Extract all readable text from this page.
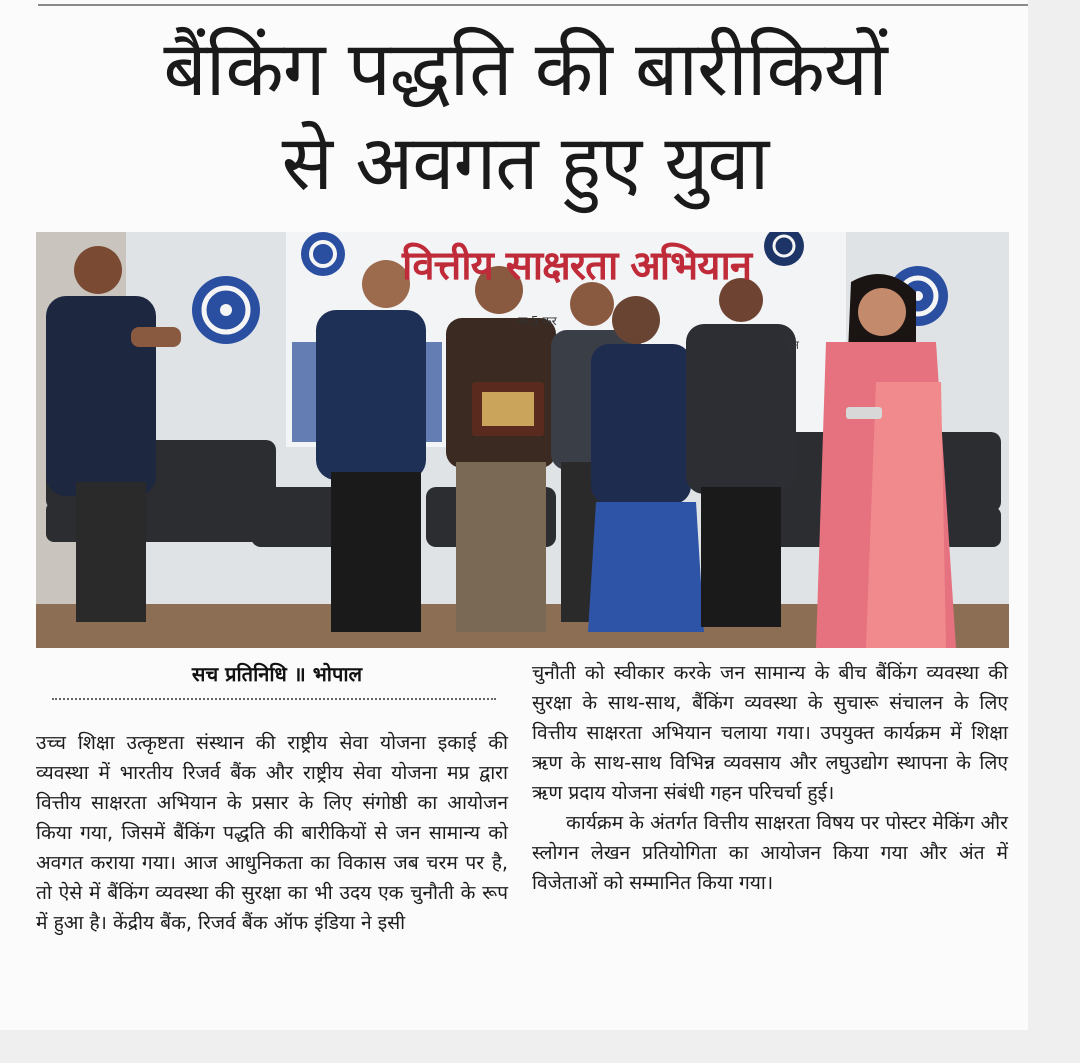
बैंकिंग पद्धति की बारीकियों
से अवगत हुए युवा
वित्तीय साक्षरता अभियान
क 5 फर
ान
सच प्रतिनिधि ॥ भोपाल

उच्च शिक्षा उत्कृष्टता संस्थान की राष्ट्रीय सेवा योजना इकाई की व्यवस्था में भारतीय रिजर्व बैंक और राष्ट्रीय सेवा योजना मप्र द्वारा वित्तीय साक्षरता अभियान के प्रसार के लिए संगोष्ठी का आयोजन किया गया, जिसमें बैंकिंग पद्धति की बारीकियों से जन सामान्य को अवगत कराया गया। आज आधुनिकता का विकास जब चरम पर है, तो ऐसे में बैंकिंग व्यवस्था की सुरक्षा का भी उदय एक चुनौती के रूप में हुआ है। केंद्रीय बैंक, रिजर्व बैंक ऑफ इंडिया ने इसी

चुनौती को स्वीकार करके जन सामान्य के बीच बैंकिंग व्यवस्था की सुरक्षा के साथ-साथ, बैंकिंग व्यवस्था के सुचारू संचालन के लिए वित्तीय साक्षरता अभियान चलाया गया। उपयुक्त कार्यक्रम में शिक्षा ऋण के साथ-साथ विभिन्न व्यवसाय और लघुउद्योग स्थापना के लिए ऋण प्रदाय योजना संबंधी गहन परिचर्चा हुई।

कार्यक्रम के अंतर्गत वित्तीय साक्षरता विषय पर पोस्टर मेकिंग और स्लोगन लेखन प्रतियोगिता का आयोजन किया गया और अंत में विजेताओं को सम्मानित किया गया।
